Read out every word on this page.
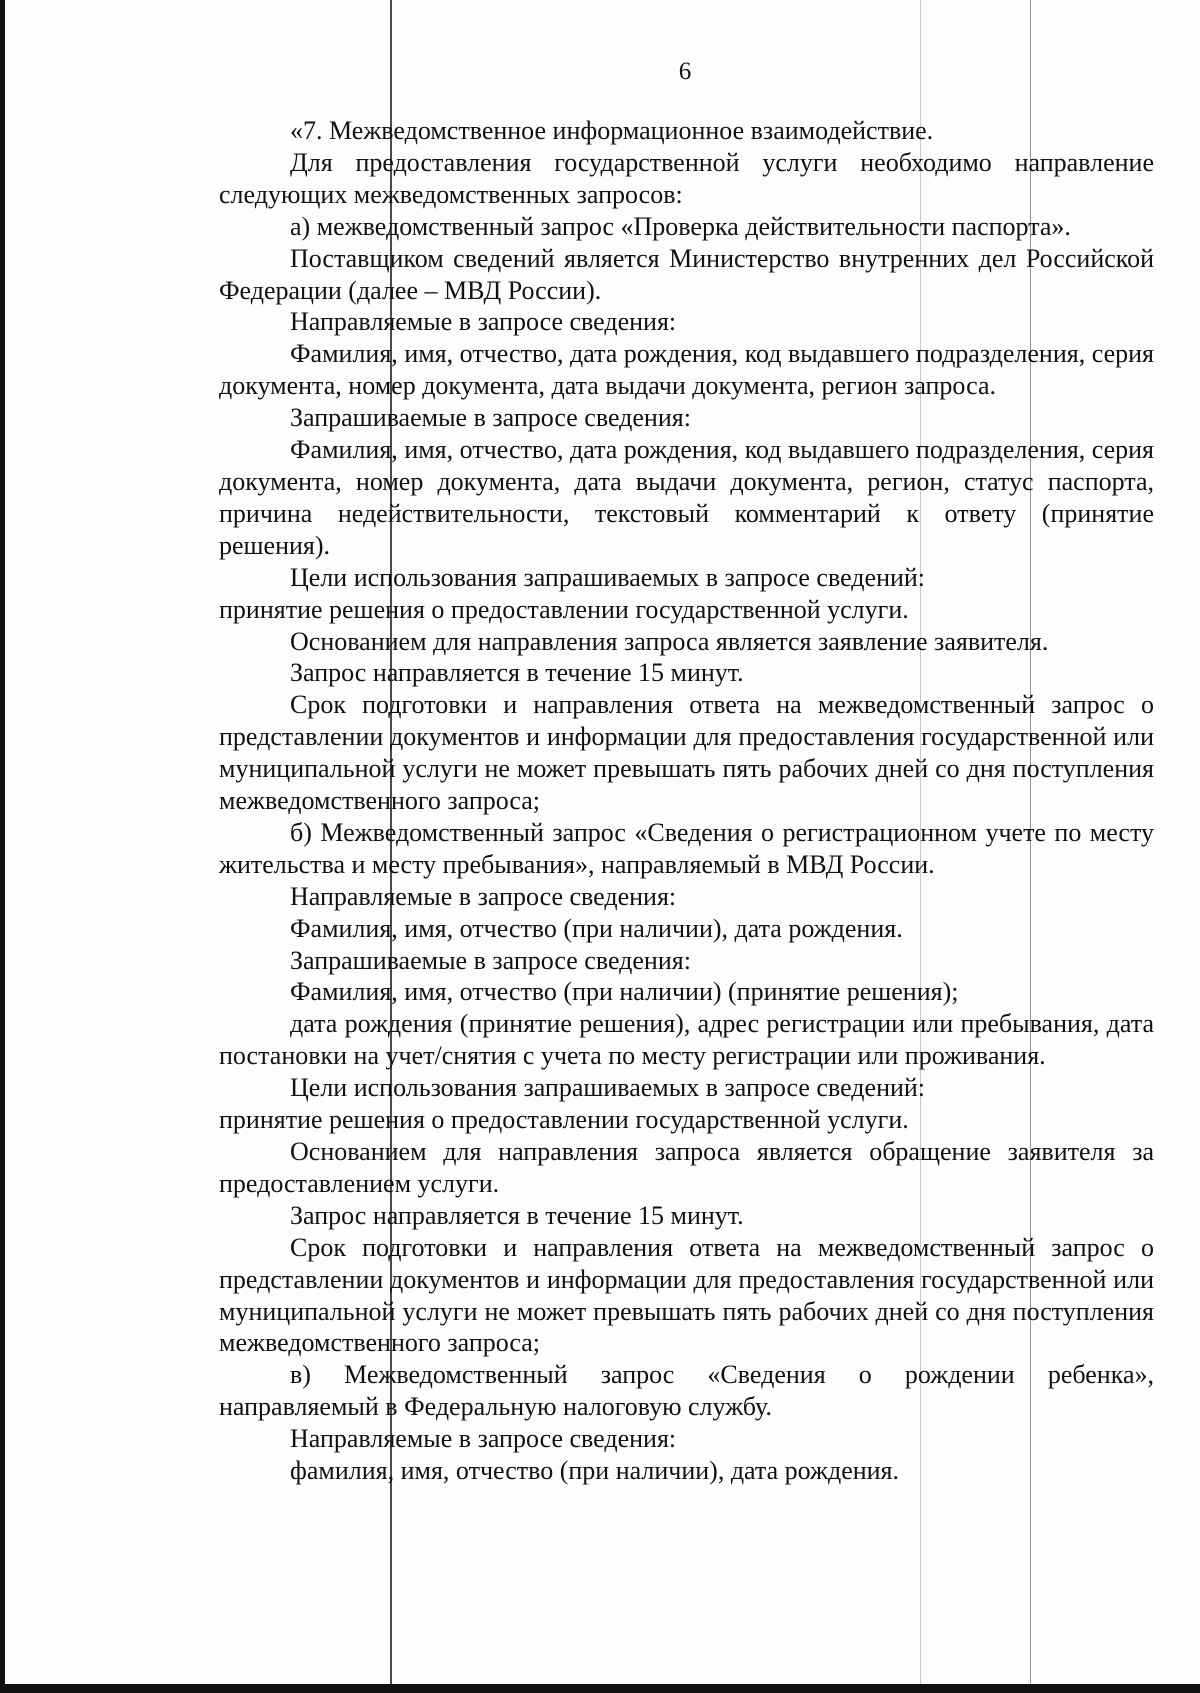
6

«7. Межведомственное информационное взаимодействие.

Для предоставления государственной услуги необходимо направление следующих межведомственных запросов:

а) межведомственный запрос «Проверка действительности паспорта».

Поставщиком сведений является Министерство внутренних дел Российской Федерации (далее – МВД России).

Направляемые в запросе сведения:

Фамилия, имя, отчество, дата рождения, код выдавшего подразделения, серия документа, номер документа, дата выдачи документа, регион запроса.

Запрашиваемые в запросе сведения:

Фамилия, имя, отчество, дата рождения, код выдавшего подразделения, серия документа, номер документа, дата выдачи документа, регион, статус паспорта, причина недействительности, текстовый комментарий к ответу (принятие решения).

Цели использования запрашиваемых в запросе сведений:

принятие решения о предоставлении государственной услуги.

Основанием для направления запроса является заявление заявителя.

Запрос направляется в течение 15 минут.

Срок подготовки и направления ответа на межведомственный запрос о представлении документов и информации для предоставления государственной или муниципальной услуги не может превышать пять рабочих дней со дня поступления межведомственного запроса;

б) Межведомственный запрос «Сведения о регистрационном учете по месту жительства и месту пребывания», направляемый в МВД России.

Направляемые в запросе сведения:

Фамилия, имя, отчество (при наличии), дата рождения.

Запрашиваемые в запросе сведения:

Фамилия, имя, отчество (при наличии) (принятие решения);

дата рождения (принятие решения), адрес регистрации или пребывания, дата постановки на учет/снятия с учета по месту регистрации или проживания.

Цели использования запрашиваемых в запросе сведений:

принятие решения о предоставлении государственной услуги.

Основанием для направления запроса является обращение заявителя за предоставлением услуги.

Запрос направляется в течение 15 минут.

Срок подготовки и направления ответа на межведомственный запрос о представлении документов и информации для предоставления государственной или муниципальной услуги не может превышать пять рабочих дней со дня поступления межведомственного запроса;

в) Межведомственный запрос «Сведения о рождении ребенка», направляемый в Федеральную налоговую службу.

Направляемые в запросе сведения:

фамилия, имя, отчество (при наличии), дата рождения.
